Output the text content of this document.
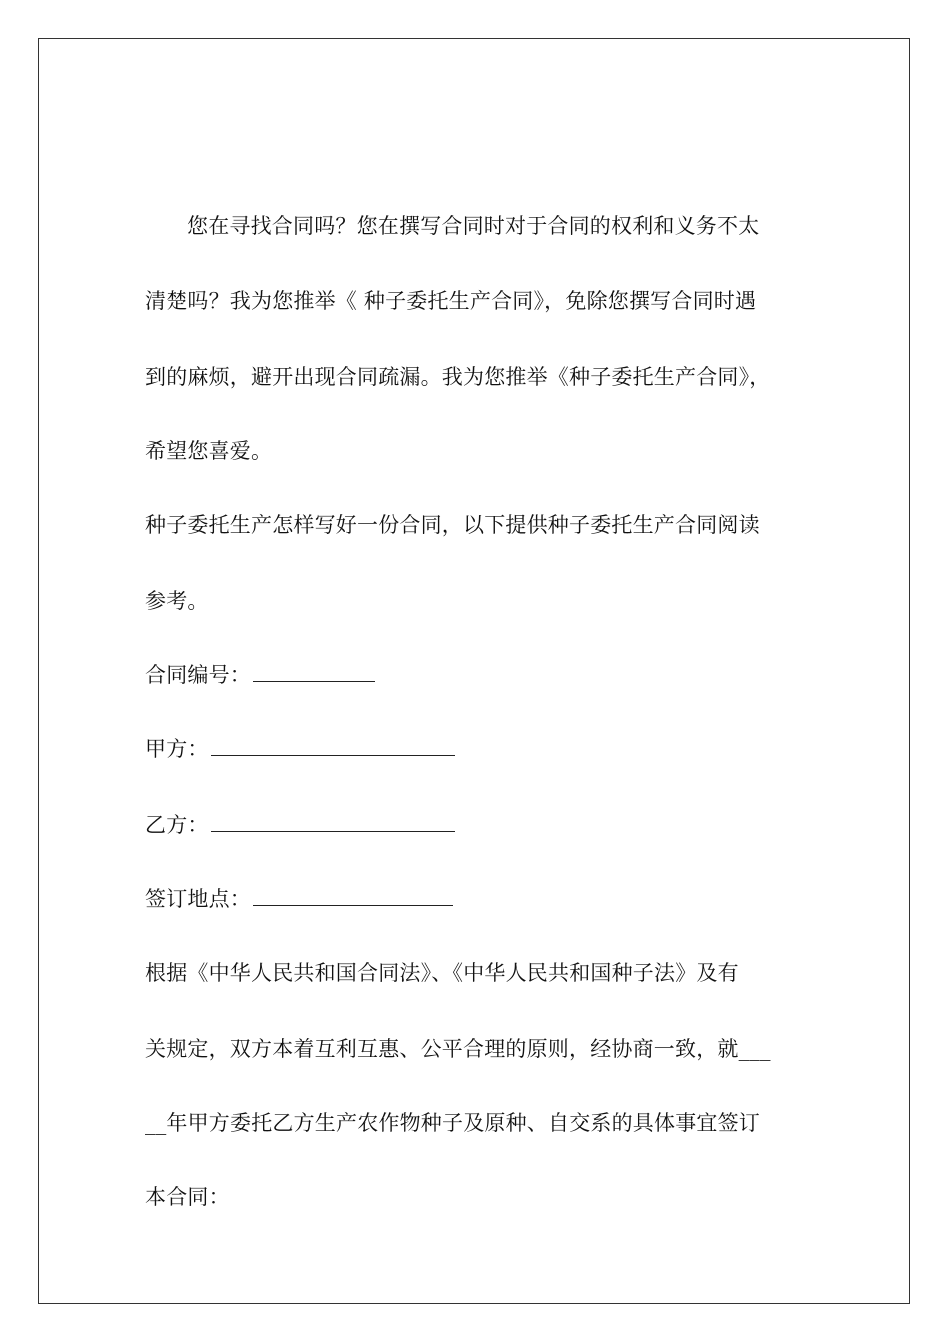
您在寻找合同吗？您在撰写合同时对于合同的权利和义务不太
清楚吗？我为您推举《 种子委托生产合同》，免除您撰写合同时遇
到的麻烦，避开出现合同疏漏。我为您推举《种子委托生产合同》，
希望您喜爱。
种子委托生产怎样写好一份合同，以下提供种子委托生产合同阅读
参考。
合同编号：
甲方：
乙方：
签订地点：
根据《中华人民共和国合同法》、《中华人民共和国种子法》及有
关规定，双方本着互利互惠、公平合理的原则，经协商一致，就___
__年甲方委托乙方生产农作物种子及原种、自交系的具体事宜签订
本合同：
